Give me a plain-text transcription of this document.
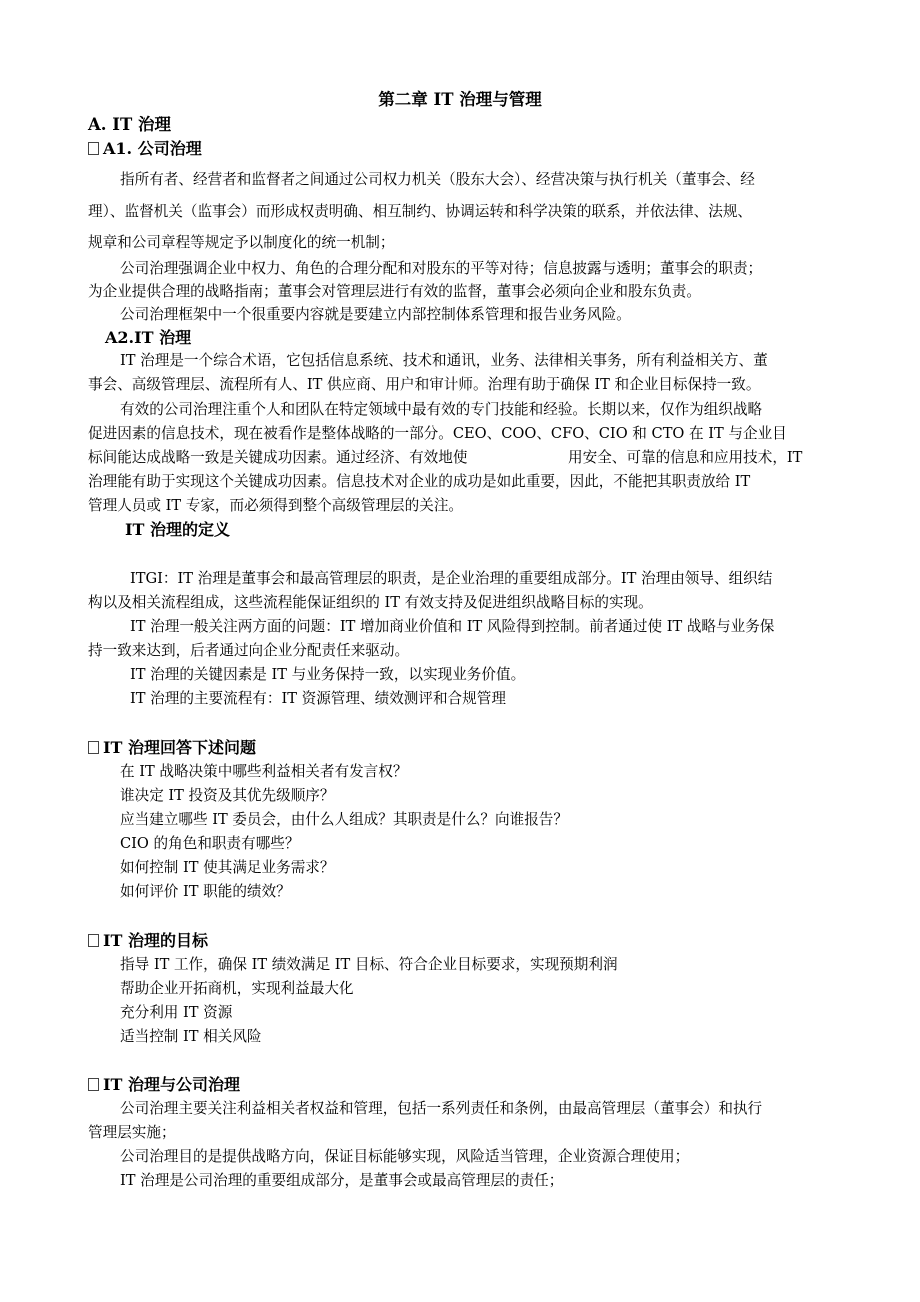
第二章 IT 治理与管理
A. IT 治理
A1. 公司治理
指所有者、经营者和监督者之间通过公司权力机关（股东大会）、经营决策与执行机关（董事会、经
理）、监督机关（监事会）而形成权责明确、相互制约、协调运转和科学决策的联系，并依法律、法规、
规章和公司章程等规定予以制度化的统一机制；
公司治理强调企业中权力、角色的合理分配和对股东的平等对待；信息披露与透明；董事会的职责；
为企业提供合理的战略指南；董事会对管理层进行有效的监督，董事会必须向企业和股东负责。
公司治理框架中一个很重要内容就是要建立内部控制体系管理和报告业务风险。
A2.IT 治理
IT 治理是一个综合术语，它包括信息系统、技术和通讯，业务、法律相关事务，所有利益相关方、董
事会、高级管理层、流程所有人、IT 供应商、用户和审计师。治理有助于确保 IT 和企业目标保持一致。
有效的公司治理注重个人和团队在特定领域中最有效的专门技能和经验。长期以来，仅作为组织战略
促进因素的信息技术，现在被看作是整体战略的一部分。CEO、COO、CFO、CIO 和 CTO 在 IT 与企业目
标间能达成战略一致是关键成功因素。通过经济、有效地使	用安全、可靠的信息和应用技术，IT
治理能有助于实现这个关键成功因素。信息技术对企业的成功是如此重要，因此，不能把其职责放给 IT
管理人员或 IT 专家，而必须得到整个高级管理层的关注。
IT 治理的定义
ITGI：IT 治理是董事会和最高管理层的职责，是企业治理的重要组成部分。IT 治理由领导、组织结
构以及相关流程组成，这些流程能保证组织的 IT 有效支持及促进组织战略目标的实现。
IT 治理一般关注两方面的问题：IT 增加商业价值和 IT 风险得到控制。前者通过使 IT 战略与业务保
持一致来达到，后者通过向企业分配责任来驱动。
IT 治理的关键因素是 IT 与业务保持一致，以实现业务价值。
IT 治理的主要流程有：IT 资源管理、绩效测评和合规管理
IT 治理回答下述问题
在 IT 战略决策中哪些利益相关者有发言权？
谁决定 IT 投资及其优先级顺序？
应当建立哪些 IT 委员会，由什么人组成？其职责是什么？向谁报告？
CIO 的角色和职责有哪些？
如何控制 IT 使其满足业务需求？
如何评价 IT 职能的绩效？
IT 治理的目标
指导 IT 工作，确保 IT 绩效满足 IT 目标、符合企业目标要求，实现预期利润
帮助企业开拓商机，实现利益最大化
充分利用 IT 资源
适当控制 IT 相关风险
IT 治理与公司治理
公司治理主要关注利益相关者权益和管理，包括一系列责任和条例，由最高管理层（董事会）和执行
管理层实施；
公司治理目的是提供战略方向，保证目标能够实现，风险适当管理，企业资源合理使用；
IT 治理是公司治理的重要组成部分，是董事会或最高管理层的责任；
